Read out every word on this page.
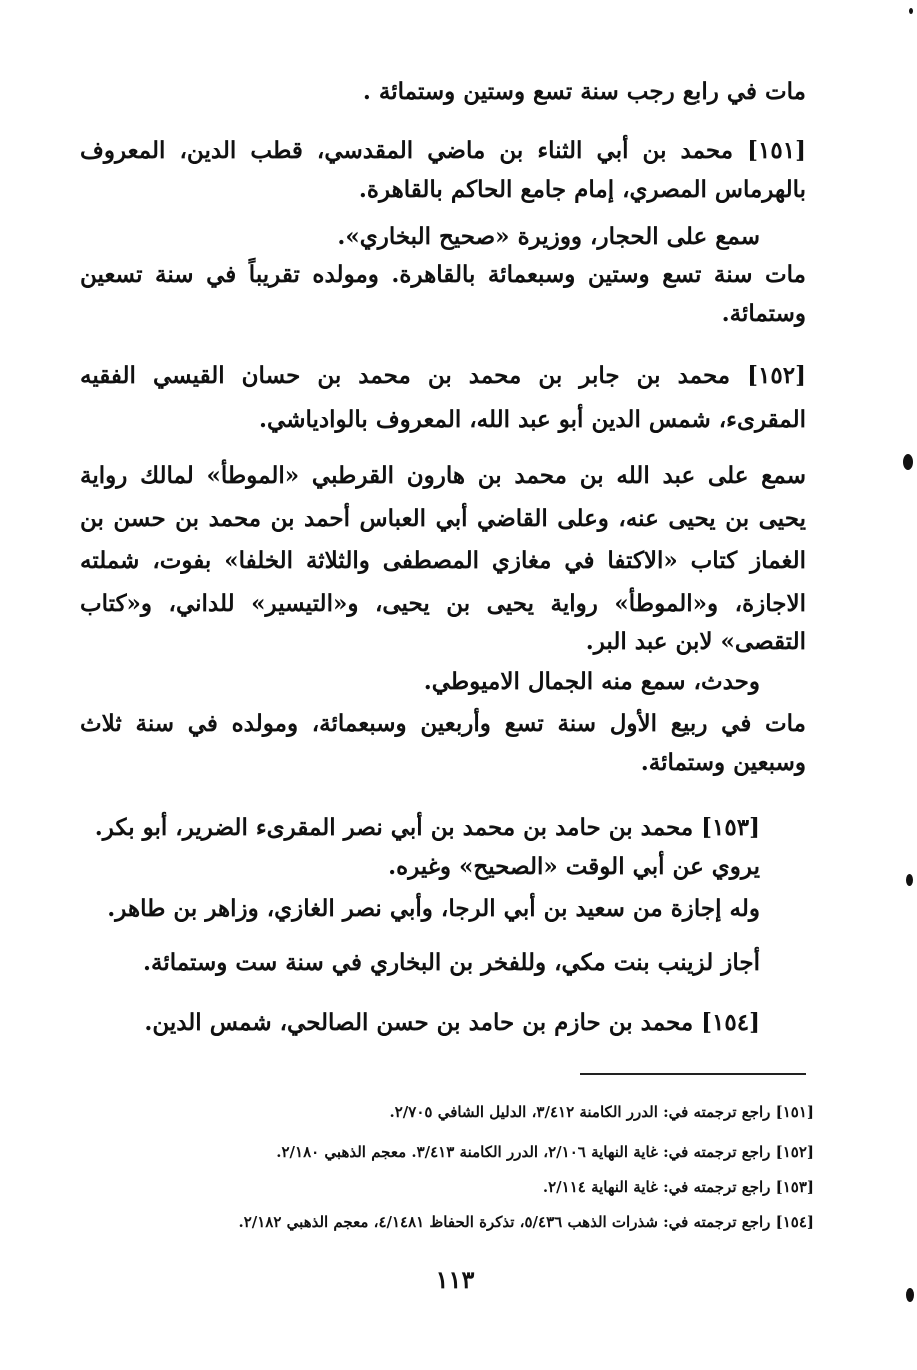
مات في رابع رجب سنة تسع وستين وستمائة .
[١٥١] محمد بن أبي الثناء بن ماضي المقدسي، قطب الدين، المعروف
بالهرماس المصري، إمام جامع الحاكم بالقاهرة.
سمع على الحجار، ووزيرة «صحيح البخاري».
مات سنة تسع وستين وسبعمائة بالقاهرة. ومولده تقريباً في سنة تسعين
وستمائة.
[١٥٢] محمد بن جابر بن محمد بن محمد بن حسان القيسي الفقيه
المقرىء، شمس الدين أبو عبد الله، المعروف بالوادياشي.
سمع على عبد الله بن محمد بن هارون القرطبي «الموطأ» لمالك رواية
يحيى بن يحيى عنه، وعلى القاضي أبي العباس أحمد بن محمد بن حسن بن
الغماز كتاب «الاكتفا في مغازي المصطفى والثلاثة الخلفا» بفوت، شملته
الاجازة، و«الموطأ» رواية يحيى بن يحيى، و«التيسير» للداني، و«كتاب
التقصى» لابن عبد البر.
وحدث، سمع منه الجمال الاميوطي.
مات في ربيع الأول سنة تسع وأربعين وسبعمائة، ومولده في سنة ثلاث
وسبعين وستمائة.
[١٥٣] محمد بن حامد بن محمد بن أبي نصر المقرىء الضرير، أبو بكر.
يروي عن أبي الوقت «الصحيح» وغيره.
وله إجازة من سعيد بن أبي الرجا، وأبي نصر الغازي، وزاهر بن طاهر.
أجاز لزينب بنت مكي، وللفخر بن البخاري في سنة ست وستمائة.
[١٥٤] محمد بن حازم بن حامد بن حسن الصالحي، شمس الدين.
[١٥١] راجع ترجمته في: الدرر الكامنة ٣/٤١٢، الدليل الشافي ٢/٧٠٥.
[١٥٢] راجع ترجمته في: غاية النهاية ٢/١٠٦، الدرر الكامنة ٣/٤١٣. معجم الذهبي ٢/١٨٠.
[١٥٣] راجع ترجمته في: غاية النهاية ٢/١١٤.
[١٥٤] راجع ترجمته في: شذرات الذهب ٥/٤٣٦، تذكرة الحفاظ ٤/١٤٨١، معجم الذهبي ٢/١٨٢.
١١٣
